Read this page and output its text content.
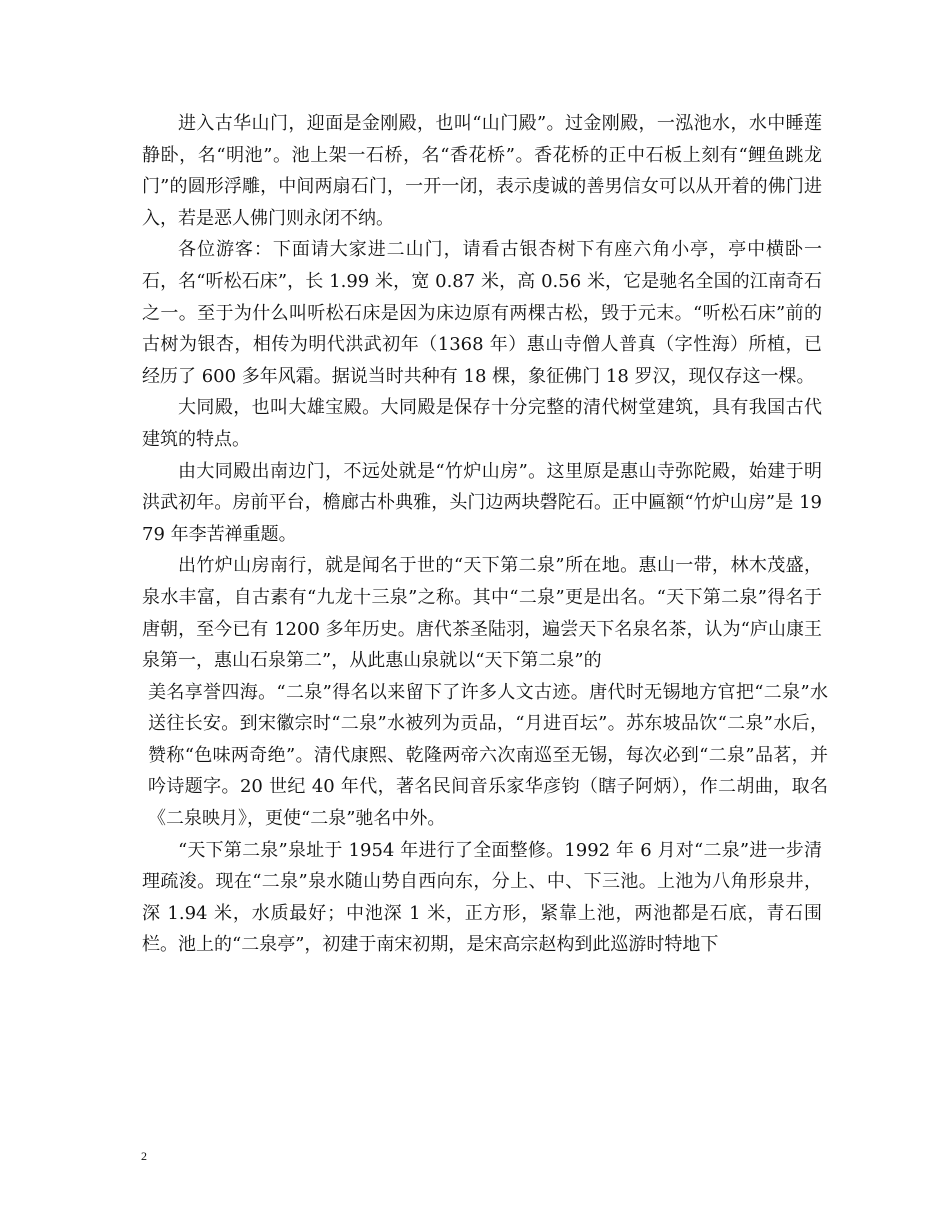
进入古华山门，迎面是金刚殿，也叫“山门殿”。过金刚殿，一泓池水，水中睡莲静卧，名“明池”。池上架一石桥，名“香花桥”。香花桥的正中石板上刻有“鲤鱼跳龙门”的圆形浮雕，中间两扇石门，一开一闭，表示虔诚的善男信女可以从开着的佛门进入，若是恶人佛门则永闭不纳。

各位游客：下面请大家进二山门，请看古银杏树下有座六角小亭，亭中横卧一石，名“听松石床”，长 1.99 米，宽 0.87 米，高 0.56 米，它是驰名全国的江南奇石之一。至于为什么叫听松石床是因为床边原有两棵古松，毁于元末。“听松石床”前的古树为银杏，相传为明代洪武初年（1368 年）惠山寺僧人普真（字性海）所植，已经历了 600 多年风霜。据说当时共种有 18 棵，象征佛门 18 罗汉，现仅存这一棵。

大同殿，也叫大雄宝殿。大同殿是保存十分完整的清代树堂建筑，具有我国古代建筑的特点。

由大同殿出南边门，不远处就是“竹炉山房”。这里原是惠山寺弥陀殿，始建于明洪武初年。房前平台，檐廊古朴典雅，头门边两块磬陀石。正中匾额“竹炉山房”是 1979 年李苦禅重题。

出竹炉山房南行，就是闻名于世的“天下第二泉”所在地。惠山一带，林木茂盛，泉水丰富，自古素有“九龙十三泉”之称。其中“二泉”更是出名。“天下第二泉”得名于唐朝，至今已有 1200 多年历史。唐代茶圣陆羽，遍尝天下名泉名茶，认为“庐山康王泉第一，惠山石泉第二”，从此惠山泉就以“天下第二泉”的

美名享誉四海。“二泉”得名以来留下了许多人文古迹。唐代时无锡地方官把“二泉”水送往长安。到宋徽宗时“二泉”水被列为贡品，“月进百坛”。苏东坡品饮“二泉”水后，赞称“色味两奇绝”。清代康熙、乾隆两帝六次南巡至无锡，每次必到“二泉”品茗，并吟诗题字。20 世纪 40 年代，著名民间音乐家华彦钧（瞎子阿炳），作二胡曲，取名《二泉映月》，更使“二泉”驰名中外。

“天下第二泉”泉址于 1954 年进行了全面整修。1992 年 6 月对“二泉”进一步清理疏浚。现在“二泉”泉水随山势自西向东，分上、中、下三池。上池为八角形泉井，深 1.94 米，水质最好；中池深 1 米，正方形，紧靠上池，两池都是石底，青石围栏。池上的“二泉亭”，初建于南宋初期，是宋高宗赵构到此巡游时特地下

2
